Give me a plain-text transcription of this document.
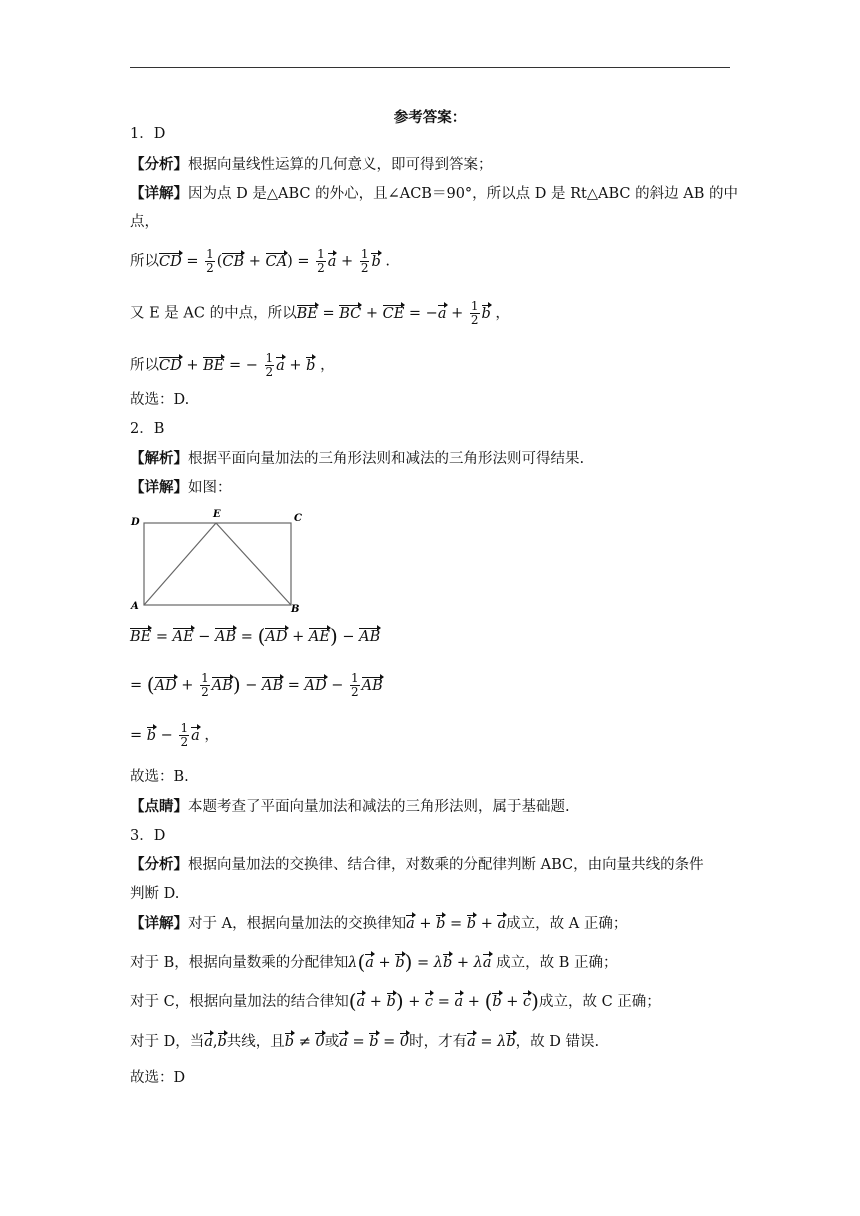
参考答案：
1．D
【分析】根据向量线性运算的几何意义，即可得到答案；
【详解】因为点 D 是△ABC 的外心，且∠ACB＝90°，所以点 D 是 Rt△ABC 的斜边 AB 的中
点，
所以CD = $\frac{1}{2} (CB + CA) = \frac{1}{2}$ $a + \frac{1}{2}$ b .
又 E 是 AC 的中点，所以BE = BC + CE = $-a + \frac{1}{2}$ b ，
所以CD + BE = − $\frac{1}{2}$ a + b ，
故选：D.
2．B
【解析】根据平面向量加法的三角形法则和减法的三角形法则可得结果.
【详解】如图：
D
E	C
A	B
BE = AE − AB = (AD + AE) − AB
= $(AD + \frac{1}{2} AB)$ − AB = AD − $\frac{1}{2}$ AB
= $b - \frac{1}{2}$ a ，
故选：B.
【点睛】本题考查了平面向量加法和减法的三角形法则，属于基础题.
3．D
【分析】根据向量加法的交换律、结合律，对数乘的分配律判断 ABC，由向量共线的条件
判断 D.
【详解】对于 A，根据向量加法的交换律知a + b = b + a成立，故 A 正确；
对于 B，根据向量数乘的分配律知λ(a + b) = λb + λa 成立，故 B 正确；
对于 C，根据向量加法的结合律知(a + b) + c = a + (b + c)成立，故 C 正确；
对于 D，当a,b共线，且b ≠ 0或a = b = 0时，才有a = λb，故 D 错误.
故选：D
